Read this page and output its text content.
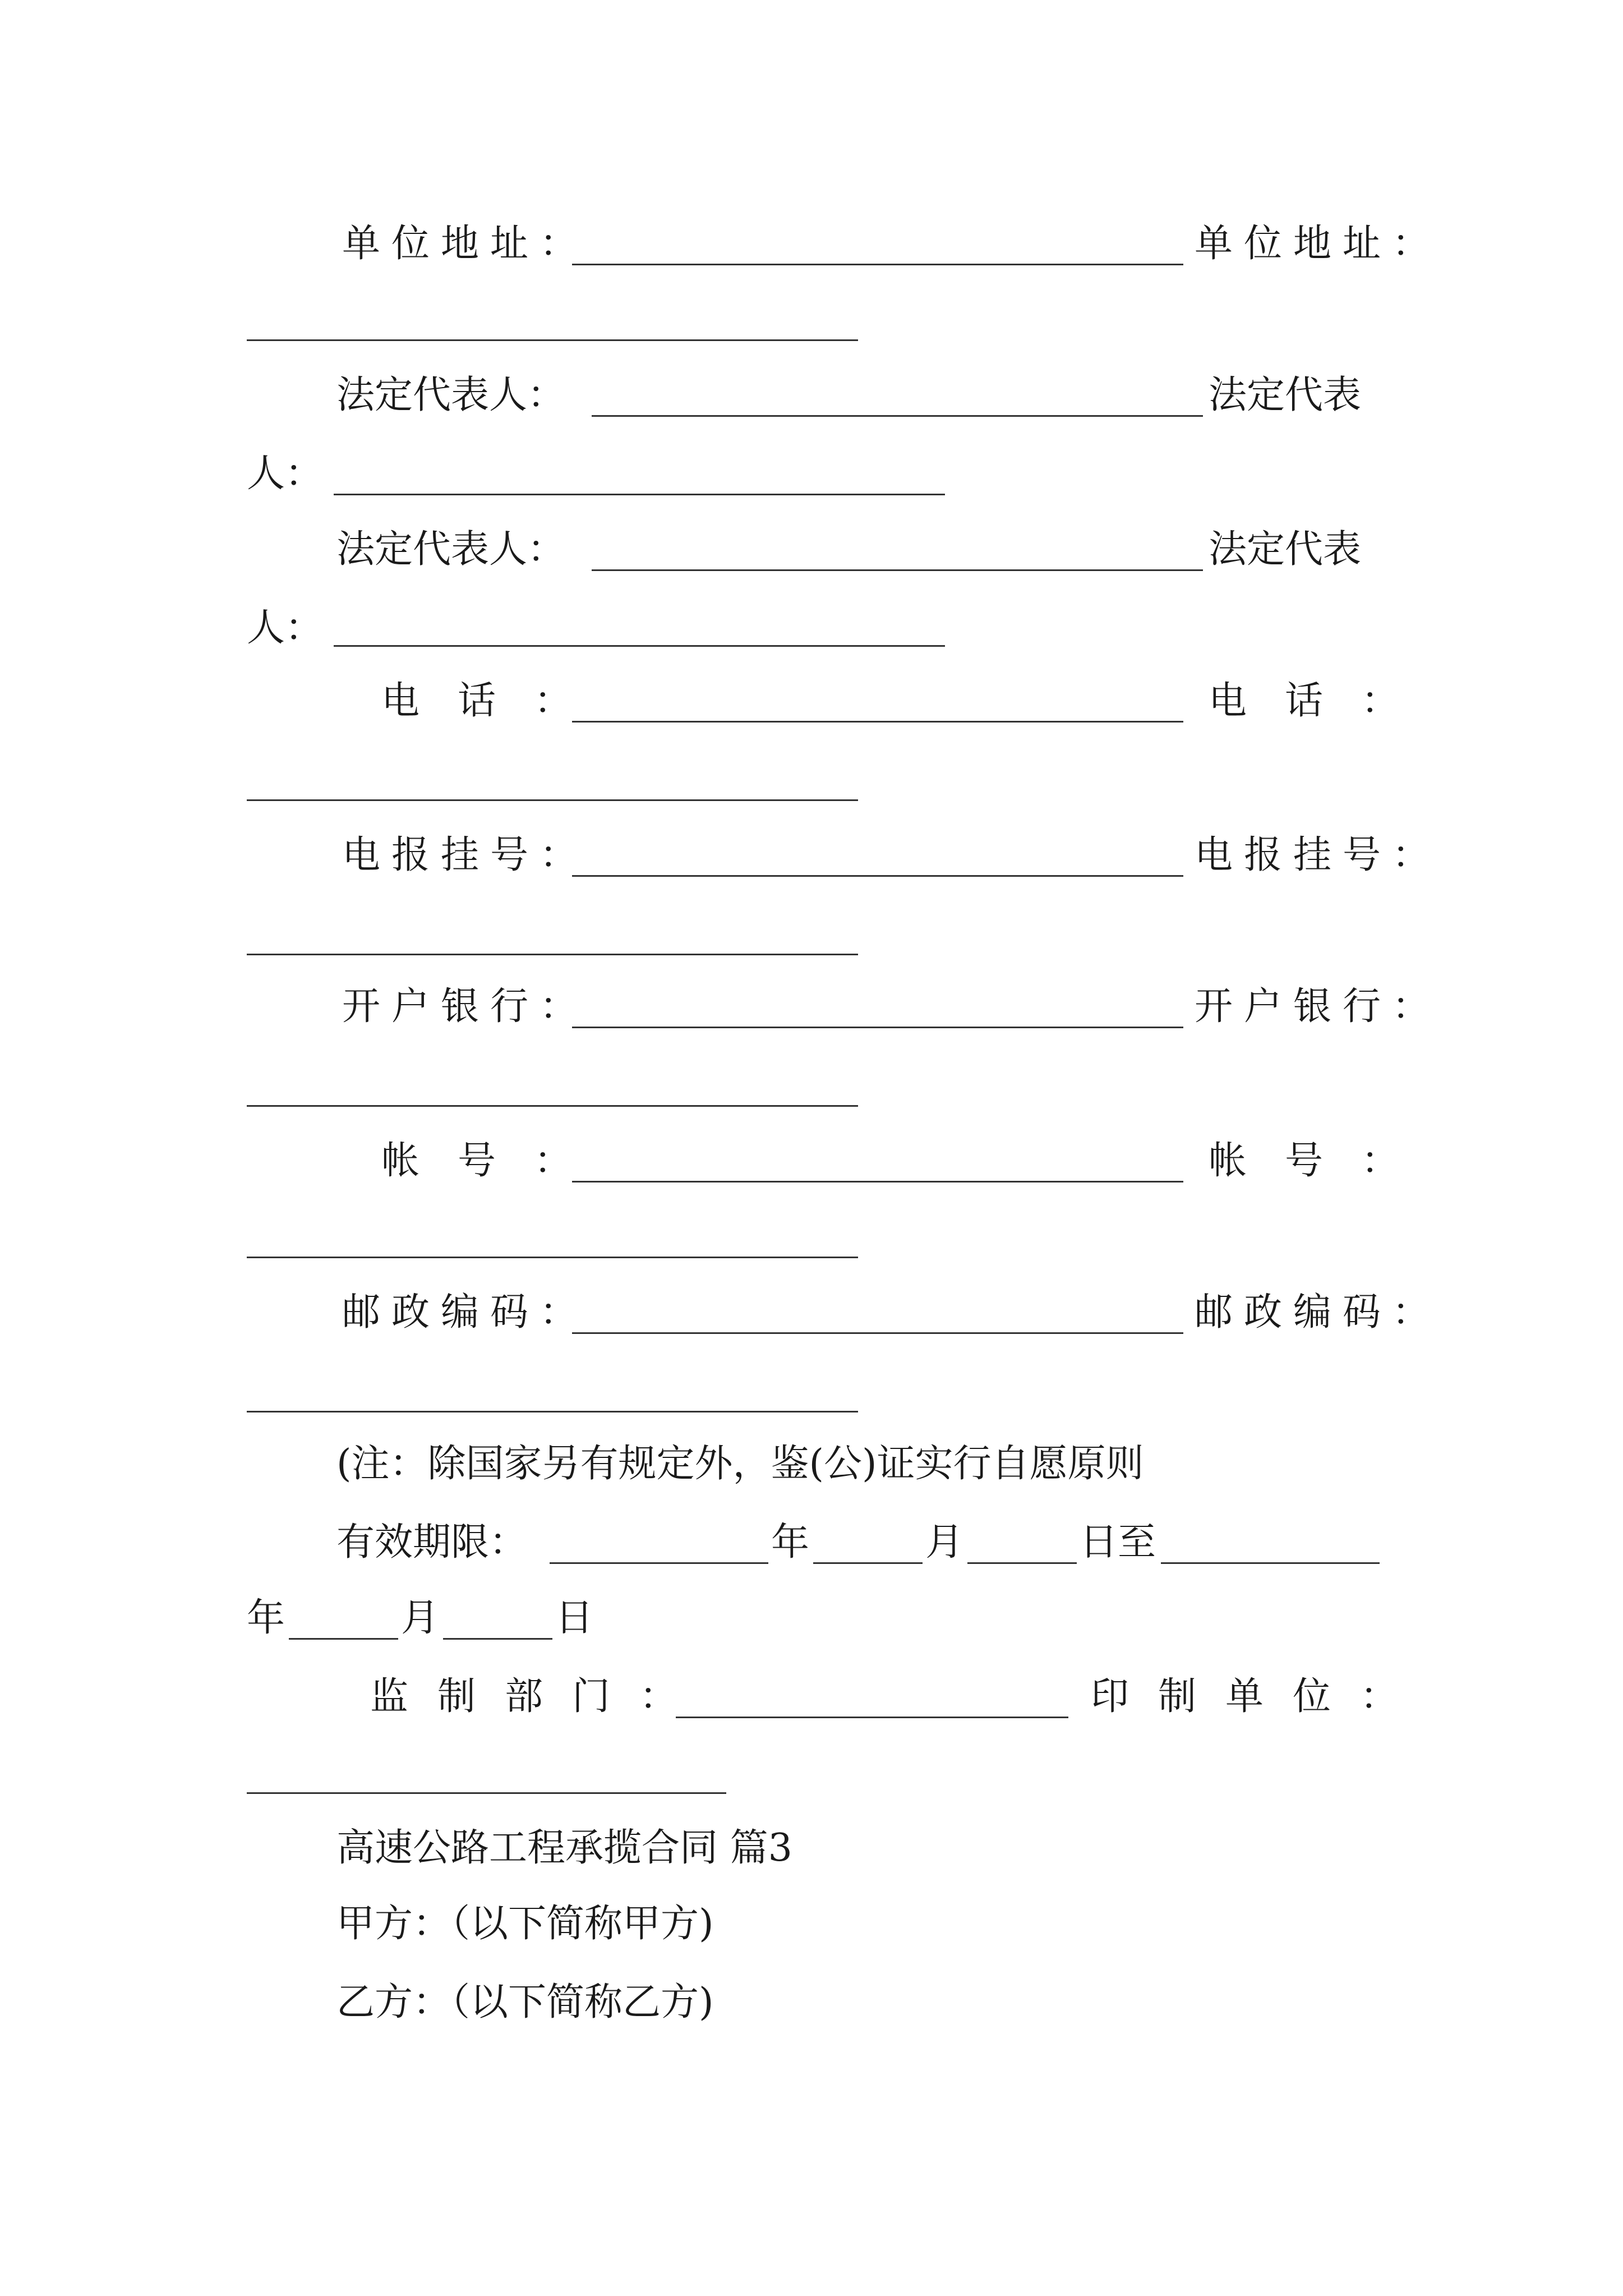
单位地址：	单位地址：
法定代表人：	法定代表
人：
法定代表人：	法定代表
人：
电话：	电话：
电报挂号：	电报挂号：
开户银行：	开户银行：
帐号：	帐号：
邮政编码：	邮政编码：
(注：除国家另有规定外，鉴(公)证实行自愿原则
有效期限：	年	月	日至
年	月	日
监制部门：	印制单位：
高速公路工程承揽合同 篇3
甲方：（以下简称甲方)
乙方：（以下简称乙方)
